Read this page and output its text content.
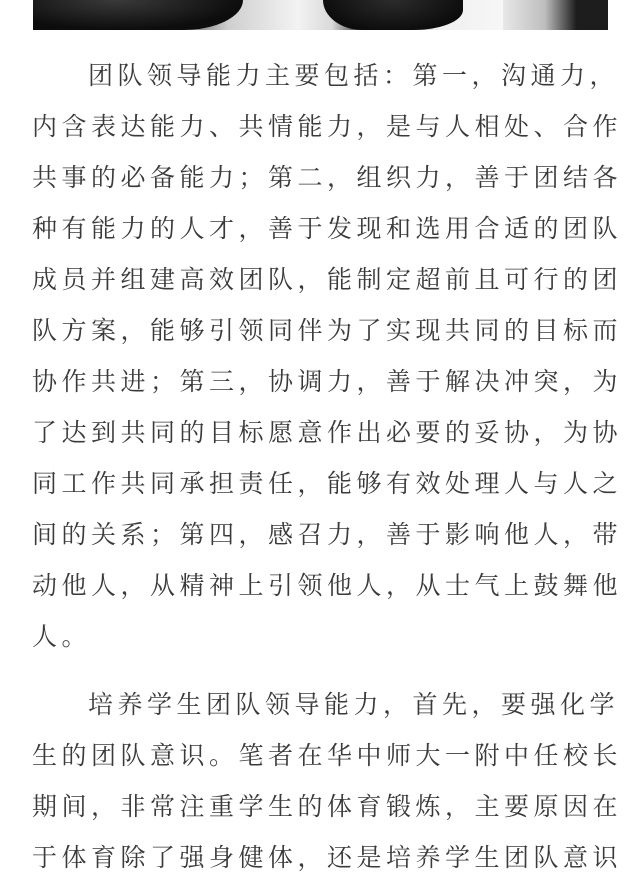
团队领导能力主要包括：第一，沟通力，
内含表达能力、共情能力，是与人相处、合作
共事的必备能力；第二，组织力，善于团结各
种有能力的人才，善于发现和选用合适的团队
成员并组建高效团队，能制定超前且可行的团
队方案，能够引领同伴为了实现共同的目标而
协作共进；第三，协调力，善于解决冲突，为
了达到共同的目标愿意作出必要的妥协，为协
同工作共同承担责任，能够有效处理人与人之
间的关系；第四，感召力，善于影响他人，带
动他人，从精神上引领他人，从士气上鼓舞他
人。
培养学生团队领导能力，首先，要强化学
生的团队意识。笔者在华中师大一附中任校长
期间，非常注重学生的体育锻炼，主要原因在
于体育除了强身健体，还是培养学生团队意识
